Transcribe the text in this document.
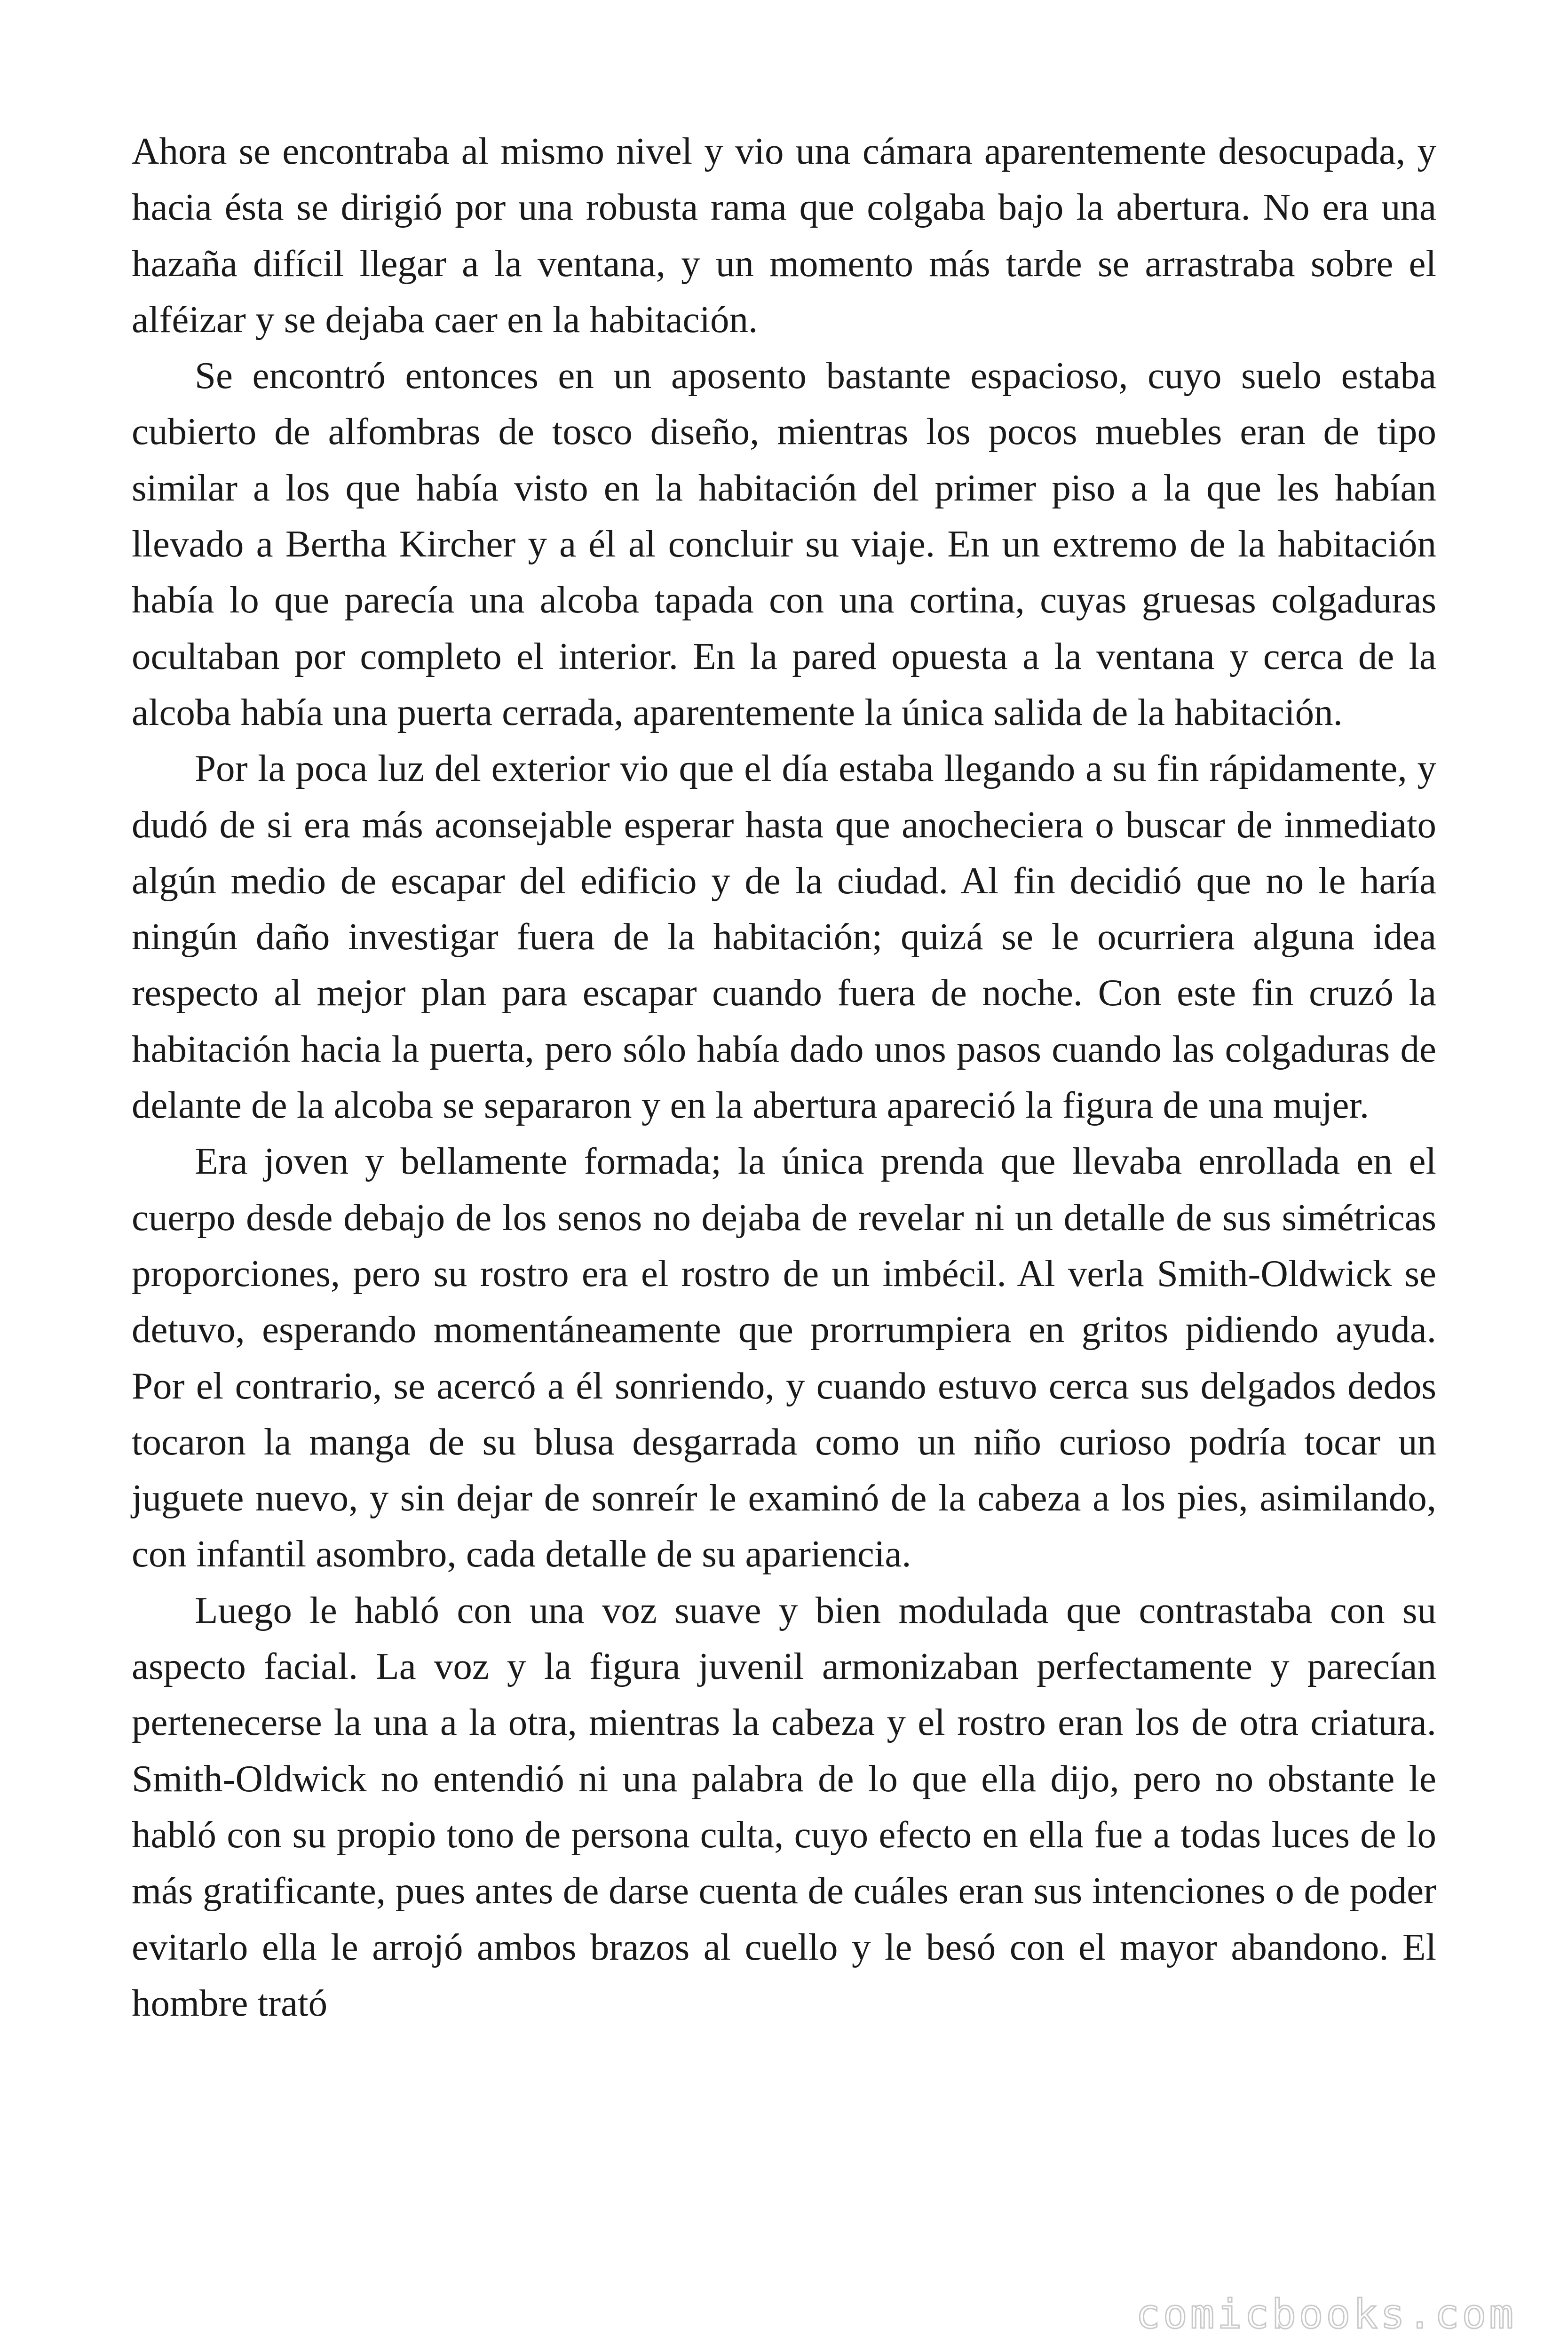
Ahora se encontraba al mismo nivel y vio una cámara aparentemente desocupada, y hacia ésta se dirigió por una robusta rama que colgaba bajo la abertura. No era una hazaña difícil llegar a la ventana, y un momento más tarde se arrastraba sobre el alféizar y se dejaba caer en la habitación.

Se encontró entonces en un aposento bastante espacioso, cuyo suelo estaba cubierto de alfombras de tosco diseño, mientras los pocos muebles eran de tipo similar a los que había visto en la habitación del primer piso a la que les habían llevado a Bertha Kircher y a él al concluir su viaje. En un extremo de la habitación había lo que parecía una alcoba tapada con una cortina, cuyas gruesas colgaduras ocultaban por completo el interior. En la pared opuesta a la ventana y cerca de la alcoba había una puerta cerrada, aparentemente la única salida de la habitación.

Por la poca luz del exterior vio que el día estaba llegando a su fin rápidamente, y dudó de si era más aconsejable esperar hasta que anocheciera o buscar de inmediato algún medio de escapar del edificio y de la ciudad. Al fin decidió que no le haría ningún daño investigar fuera de la habitación; quizá se le ocurriera alguna idea respecto al mejor plan para escapar cuando fuera de noche. Con este fin cruzó la habitación hacia la puerta, pero sólo había dado unos pasos cuando las colgaduras de delante de la alcoba se separaron y en la abertura apareció la figura de una mujer.

Era joven y bellamente formada; la única prenda que llevaba enrollada en el cuerpo desde debajo de los senos no dejaba de revelar ni un detalle de sus simétricas proporciones, pero su rostro era el rostro de un imbécil. Al verla Smith-Oldwick se detuvo, esperando momentáneamente que prorrumpiera en gritos pidiendo ayuda. Por el contrario, se acercó a él sonriendo, y cuando estuvo cerca sus delgados dedos tocaron la manga de su blusa desgarrada como un niño curioso podría tocar un juguete nuevo, y sin dejar de sonreír le examinó de la cabeza a los pies, asimilando, con infantil asombro, cada detalle de su apariencia.

Luego le habló con una voz suave y bien modulada que contrastaba con su aspecto facial. La voz y la figura juvenil armonizaban perfectamente y parecían pertenecerse la una a la otra, mientras la cabeza y el rostro eran los de otra criatura. Smith-Oldwick no entendió ni una palabra de lo que ella dijo, pero no obstante le habló con su propio tono de persona culta, cuyo efecto en ella fue a todas luces de lo más gratificante, pues antes de darse cuenta de cuáles eran sus intenciones o de poder evitarlo ella le arrojó ambos brazos al cuello y le besó con el mayor abandono. El hombre trató

comicbooks.com
